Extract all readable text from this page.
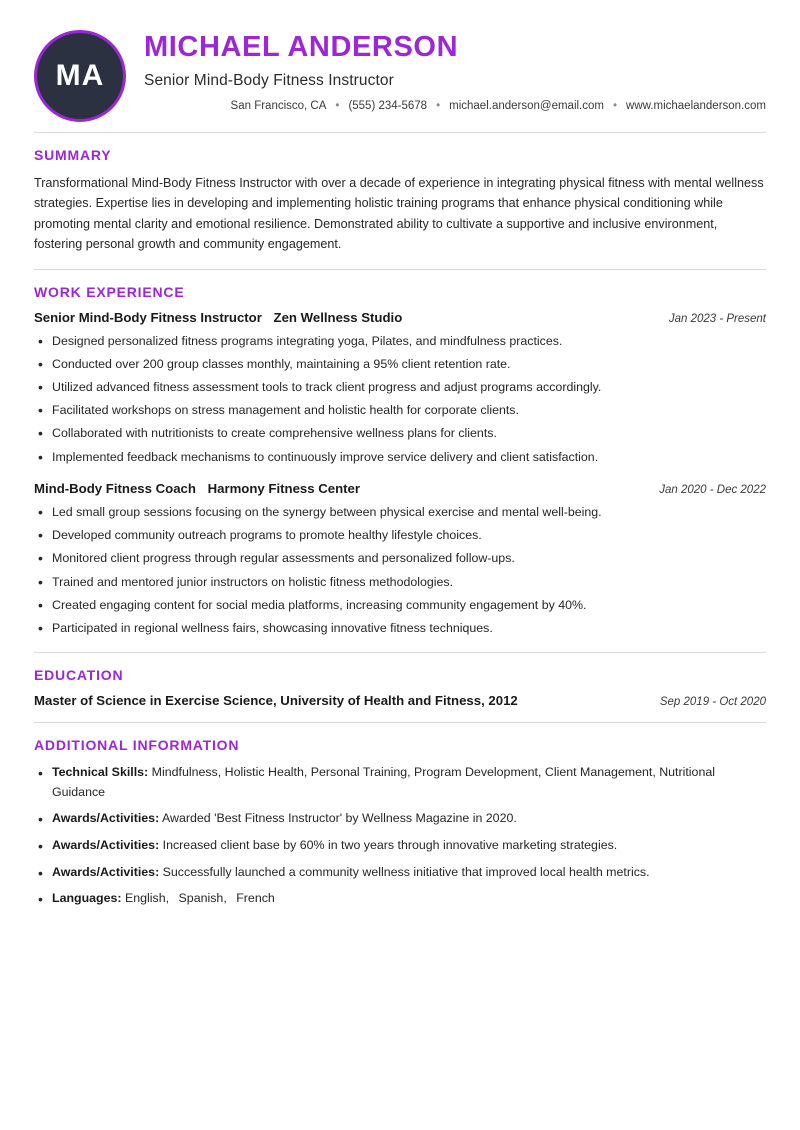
MA
MICHAEL ANDERSON
Senior Mind-Body Fitness Instructor
San Francisco, CA • (555) 234-5678 • michael.anderson@email.com • www.michaelanderson.com
SUMMARY

Transformational Mind-Body Fitness Instructor with over a decade of experience in integrating physical fitness with mental wellness strategies. Expertise lies in developing and implementing holistic training programs that enhance physical conditioning while promoting mental clarity and emotional resilience. Demonstrated ability to cultivate a supportive and inclusive environment, fostering personal growth and community engagement.

WORK EXPERIENCE
Senior Mind-Body Fitness Instructor Zen Wellness Studio	Jan 2023 - Present
• Designed personalized fitness programs integrating yoga, Pilates, and mindfulness practices.
• Conducted over 200 group classes monthly, maintaining a 95% client retention rate.
• Utilized advanced fitness assessment tools to track client progress and adjust programs accordingly.
• Facilitated workshops on stress management and holistic health for corporate clients.
• Collaborated with nutritionists to create comprehensive wellness plans for clients.
• Implemented feedback mechanisms to continuously improve service delivery and client satisfaction.
Mind-Body Fitness Coach Harmony Fitness Center	Jan 2020 - Dec 2022
• Led small group sessions focusing on the synergy between physical exercise and mental well-being.
• Developed community outreach programs to promote healthy lifestyle choices.
• Monitored client progress through regular assessments and personalized follow-ups.
• Trained and mentored junior instructors on holistic fitness methodologies.
• Created engaging content for social media platforms, increasing community engagement by 40%.
• Participated in regional wellness fairs, showcasing innovative fitness techniques.
EDUCATION
Master of Science in Exercise Science, University of Health and Fitness, 2012	Sep 2019 - Oct 2020
ADDITIONAL INFORMATION
• Technical Skills: Mindfulness, Holistic Health, Personal Training, Program Development, Client Management, Nutritional Guidance
• Awards/Activities: Awarded 'Best Fitness Instructor' by Wellness Magazine in 2020.
• Awards/Activities: Increased client base by 60% in two years through innovative marketing strategies.
• Awards/Activities: Successfully launched a community wellness initiative that improved local health metrics.
• Languages: English, Spanish, French
